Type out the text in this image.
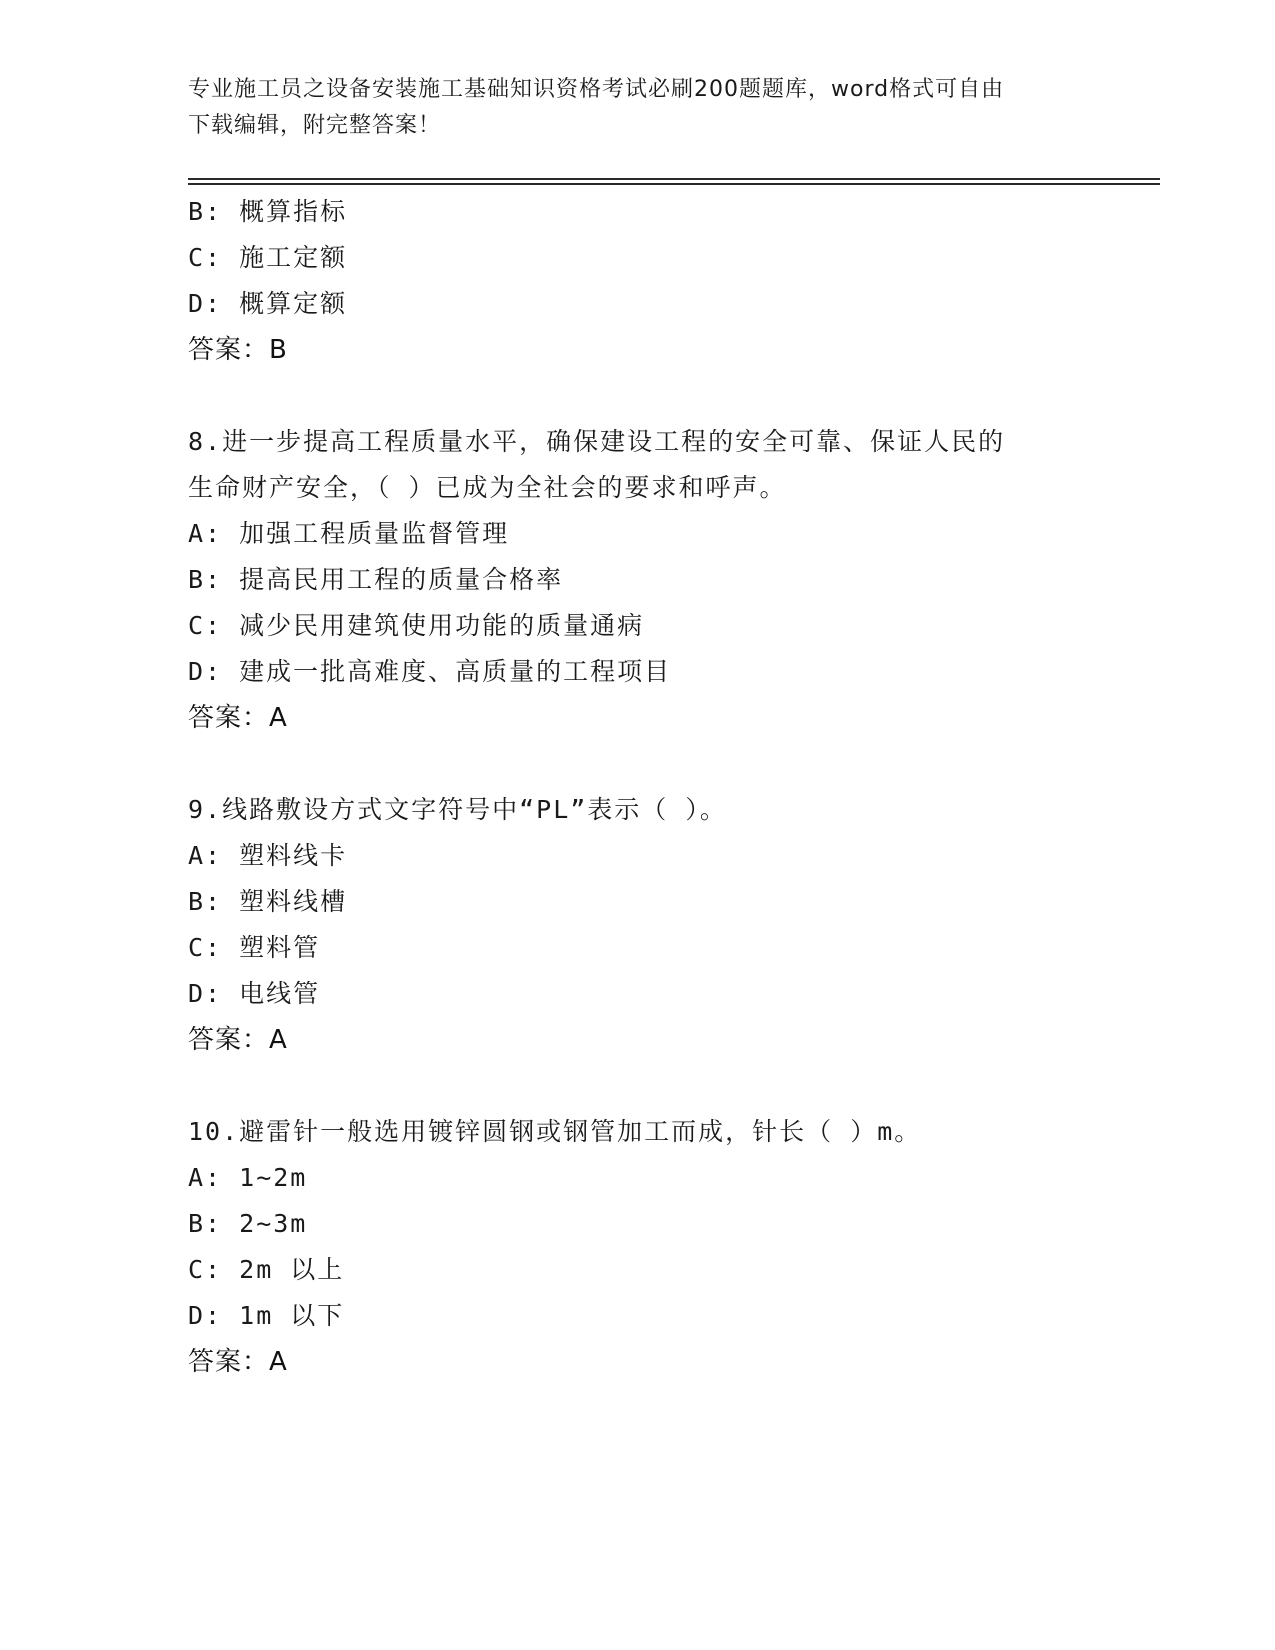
专业施工员之设备安装施工基础知识资格考试必刷200题题库，word格式可自由
下载编辑，附完整答案！
B: 概算指标
C: 施工定额
D: 概算定额
答案：B
8.进一步提高工程质量水平，确保建设工程的安全可靠、保证人民的
生命财产安全，（ ）已成为全社会的要求和呼声。
A: 加强工程质量监督管理
B: 提高民用工程的质量合格率
C: 减少民用建筑使用功能的质量通病
D: 建成一批高难度、高质量的工程项目
答案：A
9.线路敷设方式文字符号中“PL”表示（ ）。
A: 塑料线卡
B: 塑料线槽
C: 塑料管
D: 电线管
答案：A
10.避雷针一般选用镀锌圆钢或钢管加工而成，针长（ ）m。
A: 1~2m
B: 2~3m
C: 2m 以上
D: 1m 以下
答案：A
